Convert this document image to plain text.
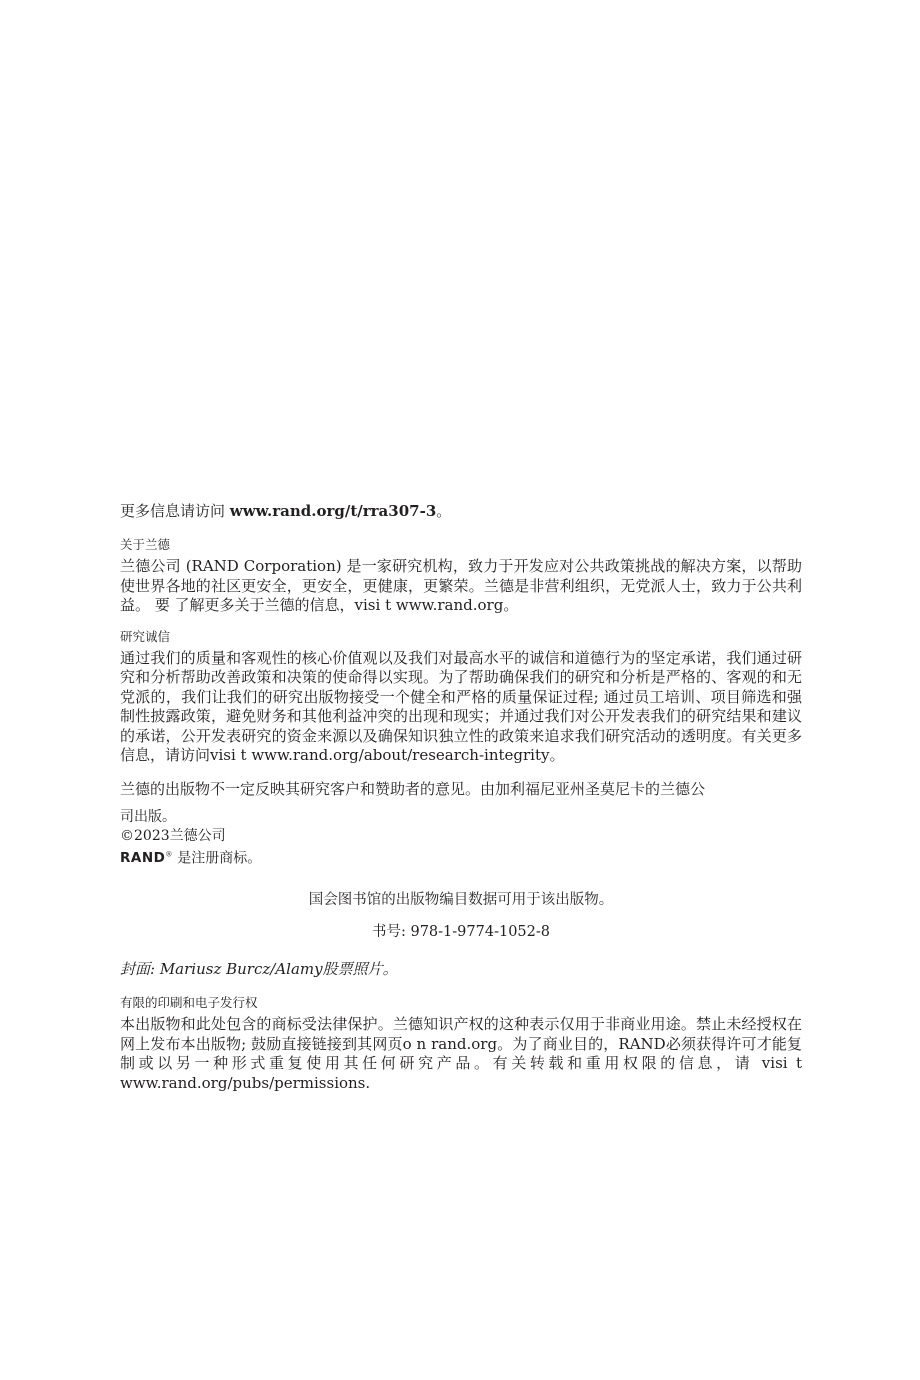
更多信息请访问 www.rand.org/t/rra307-3。

关于兰德

兰德公司 (RAND Corporation) 是一家研究机构，致力于开发应对公共政策挑战的解决方案，以帮助使世界各地的社区更安全，更安全，更健康，更繁荣。兰德是非营利组织，无党派人士，致力于公共利益。 要 了解更多关于兰德的信息，visi t www.rand.org。

研究诚信

通过我们的质量和客观性的核心价值观以及我们对最高水平的诚信和道德行为的坚定承诺，我们通过研究和分析帮助改善政策和决策的使命得以实现。为了帮助确保我们的研究和分析是严格的、客观的和无党派的，我们让我们的研究出版物接受一个健全和严格的质量保证过程; 通过员工培训、项目筛选和强制性披露政策，避免财务和其他利益冲突的出现和现实；并通过我们对公开发表我们的研究结果和建议的承诺，公开发表研究的资金来源以及确保知识独立性的政策来追求我们研究活动的透明度。有关更多 信息，请访问visi t www.rand.org/about/research-integrity。

兰德的出版物不一定反映其研究客户和赞助者的意见。由加利福尼亚州圣莫尼卡的兰德公

司出版。
©2023兰德公司
RAND® 是注册商标。
国会图书馆的出版物编目数据可用于该出版物。
书号: 978-1-9774-1052-8
封面: Mariusz Burcz/Alamy股票照片。
有限的印刷和电子发行权

本出版物和此处包含的商标受法律保护。兰德知识产权的这种表示仅用于非商业用途。禁止未经授权在网上发布本出版物; 鼓励直接链接到其网页o n rand.org。为了商业目的，RAND必须获得许可才能复制或以另一种形式重复使用其任何研究产品。有关转载和重用权限的信息，请 visi t www.rand.org/pubs/permissions.
